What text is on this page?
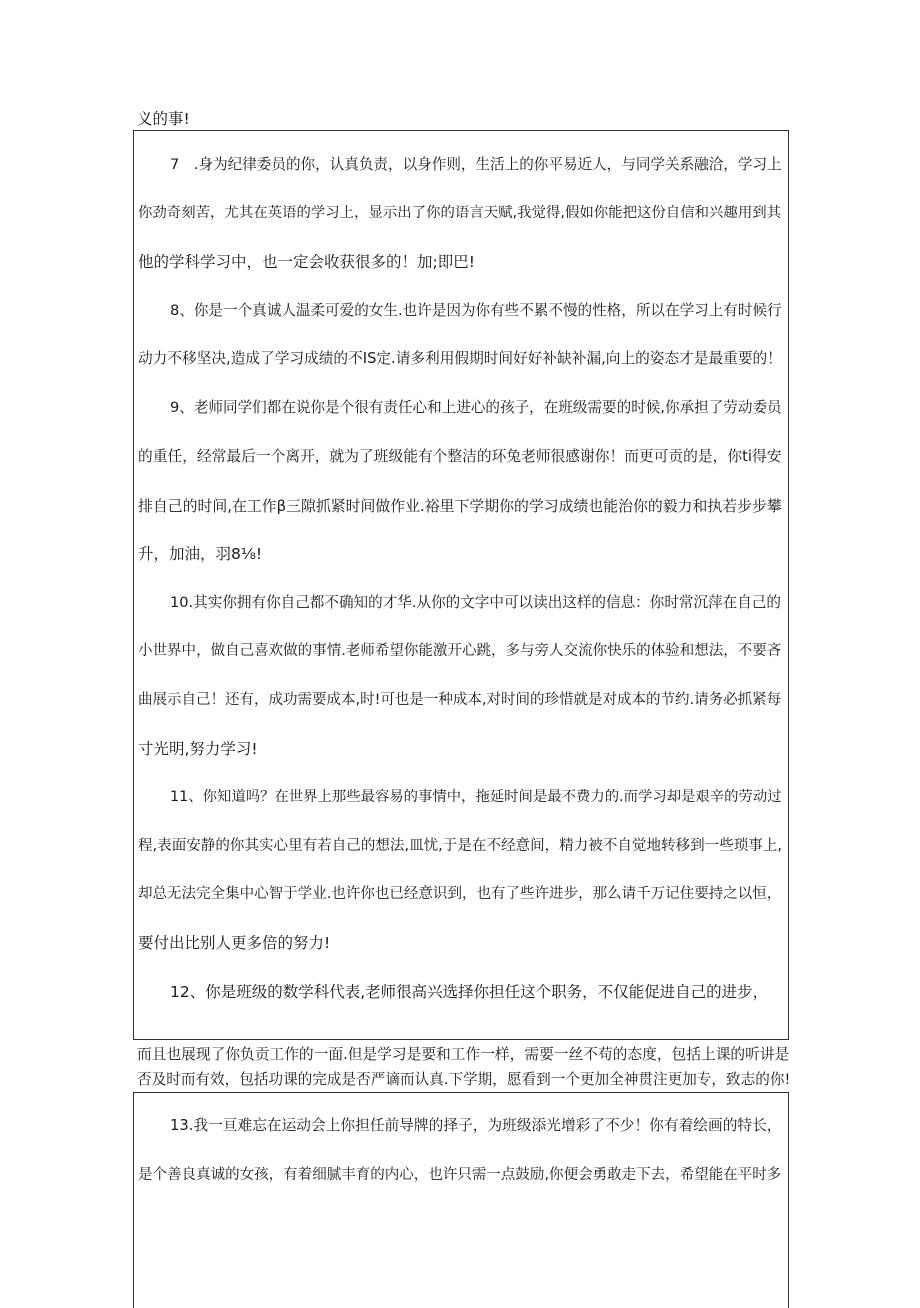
义的事!
7　.身为纪律委员的你，认真负责，以身作则，生活上的你平易近人，与同学关系融洽，学习上
你劲奇刻苦，尤其在英语的学习上，显示出了你的语言天赋,我觉得,假如你能把这份自信和兴趣用到其
他的学科学习中，也一定会收获很多的！加;即巴!
8、你是一个真诚人温柔可爱的女生.也许是因为你有些不累不慢的性格，所以在学习上有时候行
动力不移坚决,造成了学习成绩的不IS定.请多利用假期时间好好补缺补漏,向上的姿态才是最重要的！
9、老师同学们都在说你是个很有责任心和上进心的孩子，在班级需要的时候,你承担了劳动委员
的重任，经常最后一个离开，就为了班级能有个整洁的环兔老师很感谢你！而更可贡的是，你ti得安
排自己的时间,在工作β三隙抓紧时间做作业.裕里下学期你的学习成绩也能治你的毅力和执若步步攀
升，加油，羽8⅛!
10.其实你拥有你自己都不确知的才华.从你的文字中可以读出这样的信息：你时常沉萍在自己的
小世界中，做自己喜欢做的事情.老师希望你能激开心跳，多与旁人交流你快乐的体验和想法，不要吝
曲展示自己！还有，成功需要成本,时!可也是一种成本,对时间的珍惜就是对成本的节约.请务必抓紧每
寸光明,努力学习!
11、你知道吗？在世界上那些最容易的事情中，拖延时间是最不费力的.而学习却是艰辛的劳动过
程,表面安静的你其实心里有若自己的想法,皿忧,于是在不经意间，精力被不自觉地转移到一些琐事上,
却总无法完全集中心智于学业.也许你也已经意识到，也有了些许进步，那么请千万记住要持之以恒，
要付出比别人更多倍的努力!
12、你是班级的数学科代表,老师很高兴选择你担任这个职务，不仅能促进自己的进步，
而且也展现了你负贡工作的一面.但是学习是要和工作一样，需要一丝不苟的态度，包括上课的听讲是
否及时而有效，包括功课的完成是否严谪而认真.下学期，愿看到一个更加全神贯注更加专，致志的你!
13.我一亘难忘在运动会上你担任前导牌的择子，为班级添光增彩了不少！你有着绘画的特长，
是个善良真诚的女孩，有着细腻丰育的内心，也许只需一点鼓励,你便会勇敢走下去，希望能在平时多
